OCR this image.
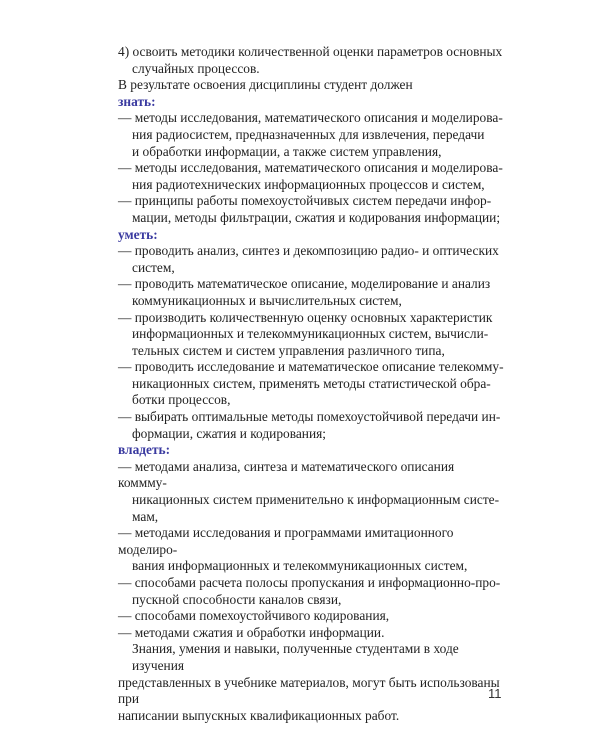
4) освоить методики количественной оценки параметров основных
случайных процессов.
В результате освоения дисциплины студент должен
знать:
— методы исследования, математического описания и моделирова-
ния радиосистем, предназначенных для извлечения, передачи
и обработки информации, а также систем управления,
— методы исследования, математического описания и моделирова-
ния радиотехнических информационных процессов и систем,
— принципы работы помехоустойчивых систем передачи инфор-
мации, методы фильтрации, сжатия и кодирования информации;
уметь:
— проводить анализ, синтез и декомпозицию радио- и оптических
систем,
— проводить математическое описание, моделирование и анализ
коммуникационных и вычислительных систем,
— производить количественную оценку основных характеристик
информационных и телекоммуникационных систем, вычисли-
тельных систем и систем управления различного типа,
— проводить исследование и математическое описание телекомму-
никационных систем, применять методы статистической обра-
ботки процессов,
— выбирать оптимальные методы помехоустойчивой передачи ин-
формации, сжатия и кодирования;
владеть:
— методами анализа, синтеза и математического описания коммму-
никационных систем применительно к информационным систе-
мам,
— методами исследования и программами имитационного моделиро-
вания информационных и телекоммуникационных систем,
— способами расчета полосы пропускания и информационно-про-
пускной способности каналов связи,
— способами помехоустойчивого кодирования,
— методами сжатия и обработки информации.
Знания, умения и навыки, полученные студентами в ходе изучения
представленных в учебнике материалов, могут быть использованы при
написании выпускных квалификационных работ.
11
